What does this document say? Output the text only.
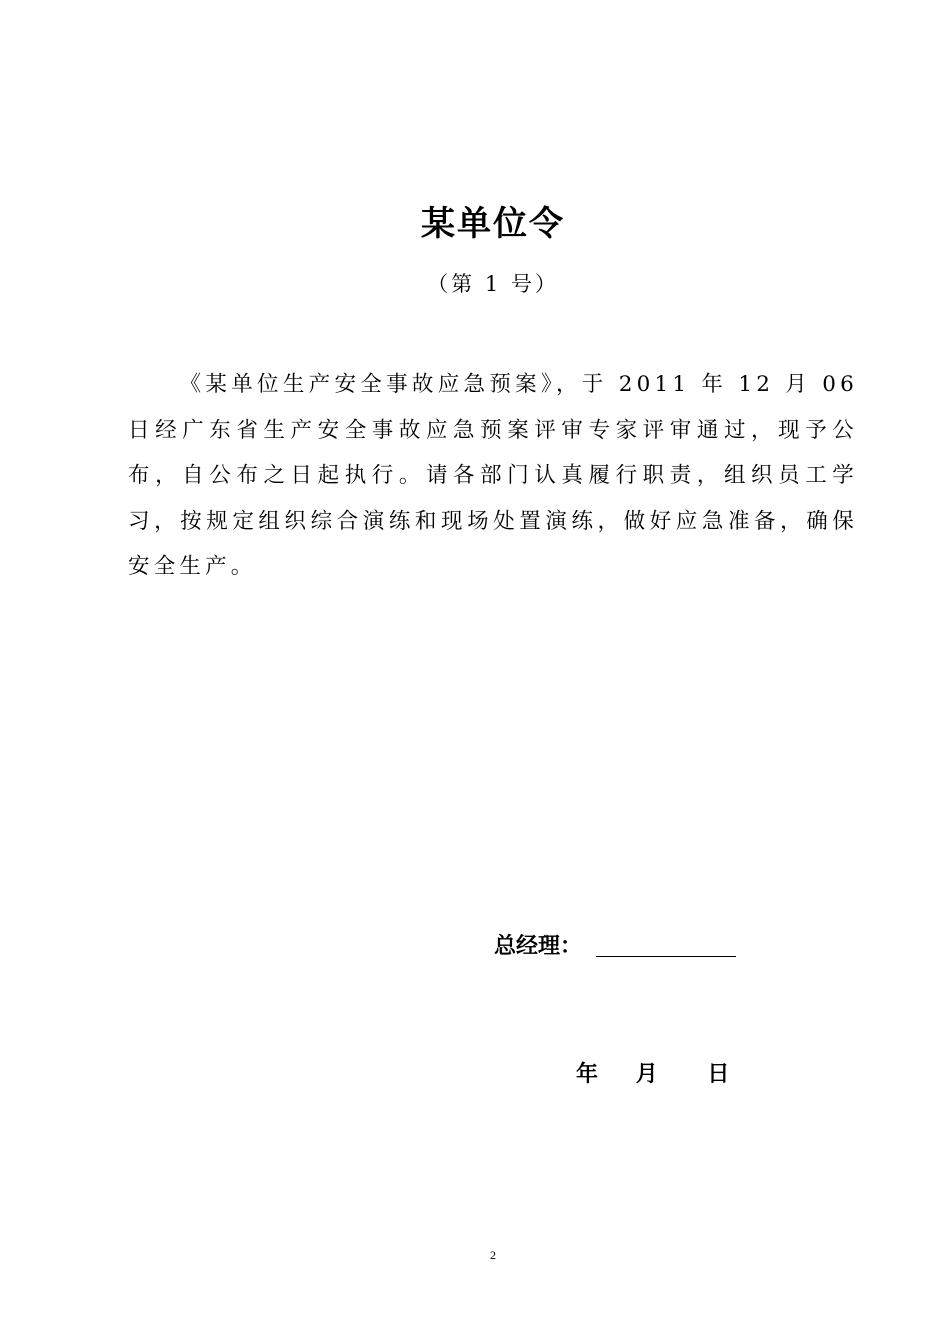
某单位令
（第 1 号）

《某单位生产安全事故应急预案》，于 2011 年 12 月 06 日经广东省生产安全事故应急预案评审专家评审通过，现予公布，自公布之日起执行。请各部门认真履行职责，组织员工学习，按规定组织综合演练和现场处置演练，做好应急准备，确保安全生产。

总经理：
年 月 日
2
